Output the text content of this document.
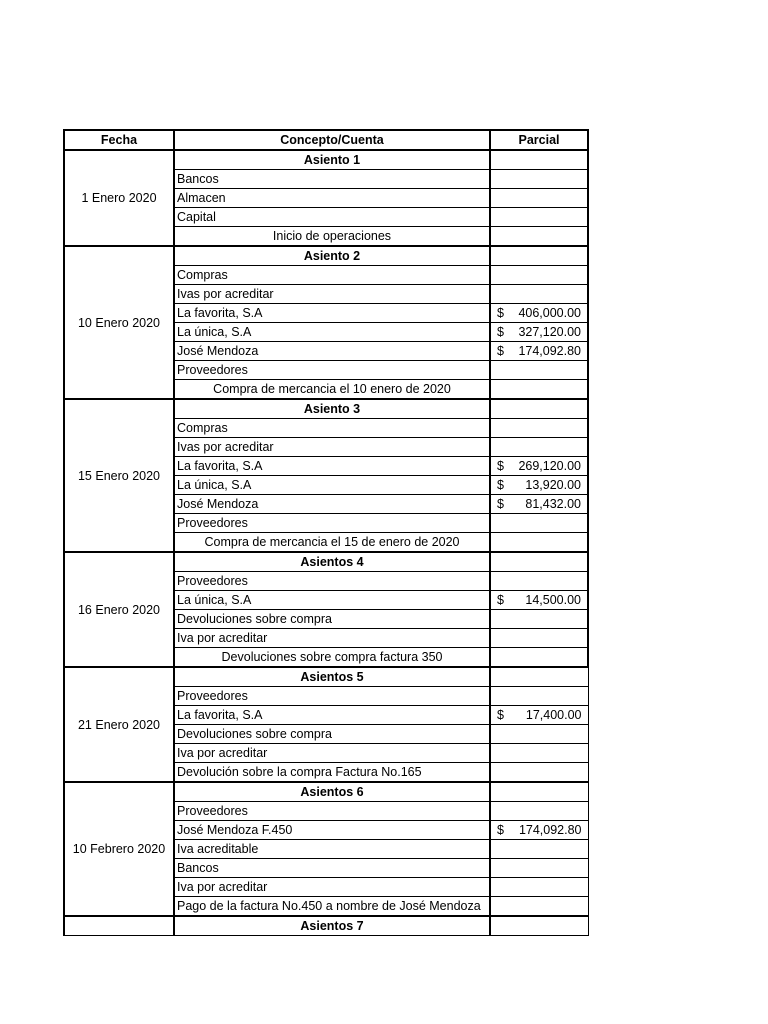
Fecha	Concepto/Cuenta	Parcial
1 Enero 2020	Asiento 1	
	Bancos	
	Almacen	
	Capital	
	Inicio de operaciones	
10 Enero 2020	Asiento 2	
	Compras	
	Ivas por acreditar	
	La favorita, S.A	$ 406,000.00

	La única, S.A	$ 327,120.00

	José Mendoza	$ 174,092.80

	Proveedores	
	Compra de mercancia el 10 enero de 2020	
15 Enero 2020	Asiento 3	
	Compras	
	Ivas por acreditar	
	La favorita, S.A	$ 269,120.00

	La única, S.A	$ 13,920.00

	José Mendoza	$ 81,432.00

	Proveedores	
	Compra de mercancia el 15 de enero de 2020	
16 Enero 2020	Asientos 4	
	Proveedores	
	La única, S.A	$ 14,500.00

	Devoluciones sobre compra	
	Iva por acreditar	
	Devoluciones sobre compra factura 350	
21 Enero 2020	Asientos 5	
	Proveedores	
	La favorita, S.A	$ 17,400.00

	Devoluciones sobre compra	
	Iva por acreditar	
	Devolución sobre la compra Factura No.165	
10 Febrero 2020	Asientos 6	
	Proveedores	
	José Mendoza F.450	$ 174,092.80

	Iva acreditable	
	Bancos	
	Iva por acreditar	
	Pago de la factura No.450 a nombre de José Mendoza	
	Asientos 7	
